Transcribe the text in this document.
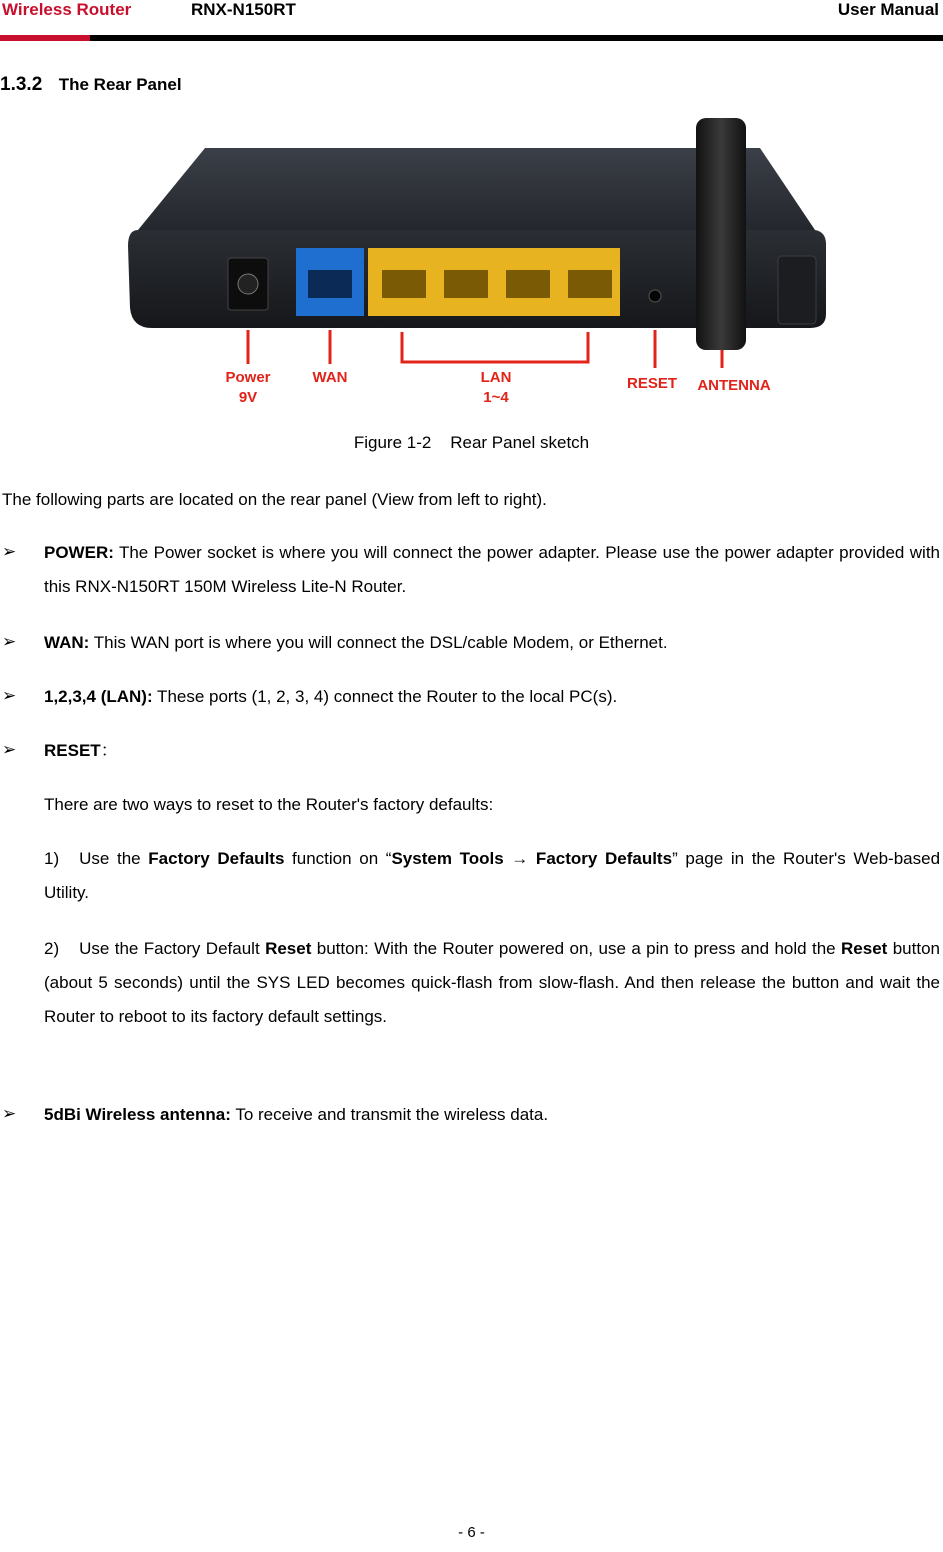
Wireless Router	RNX-N150RT	User Manual
1.3.2 The Rear Panel
Power
9V
WAN	LAN
1~4
RESET ANTENNA
Figure 1-2    Rear Panel sketch
The following parts are located on the rear panel (View from left to right).
➢ POWER: The Power socket is where you will connect the power adapter. Please use the power adapter provided with this RNX-N150RT 150M Wireless Lite-N Router.
➢ WAN: This WAN port is where you will connect the DSL/cable Modem, or Ethernet.
➢ 1,2,3,4 (LAN): These ports (1, 2, 3, 4) connect the Router to the local PC(s).
➢ RESET：
There are two ways to reset to the Router's factory defaults:
1) Use the Factory Defaults function on “System Tools → Factory Defaults” page in the Router's Web-based Utility.
2) Use the Factory Default Reset button: With the Router powered on, use a pin to press and hold the Reset button (about 5 seconds) until the SYS LED becomes quick-flash from slow-flash. And then release the button and wait the Router to reboot to its factory default settings.
➢ 5dBi Wireless antenna: To receive and transmit the wireless data.
- 6 -
